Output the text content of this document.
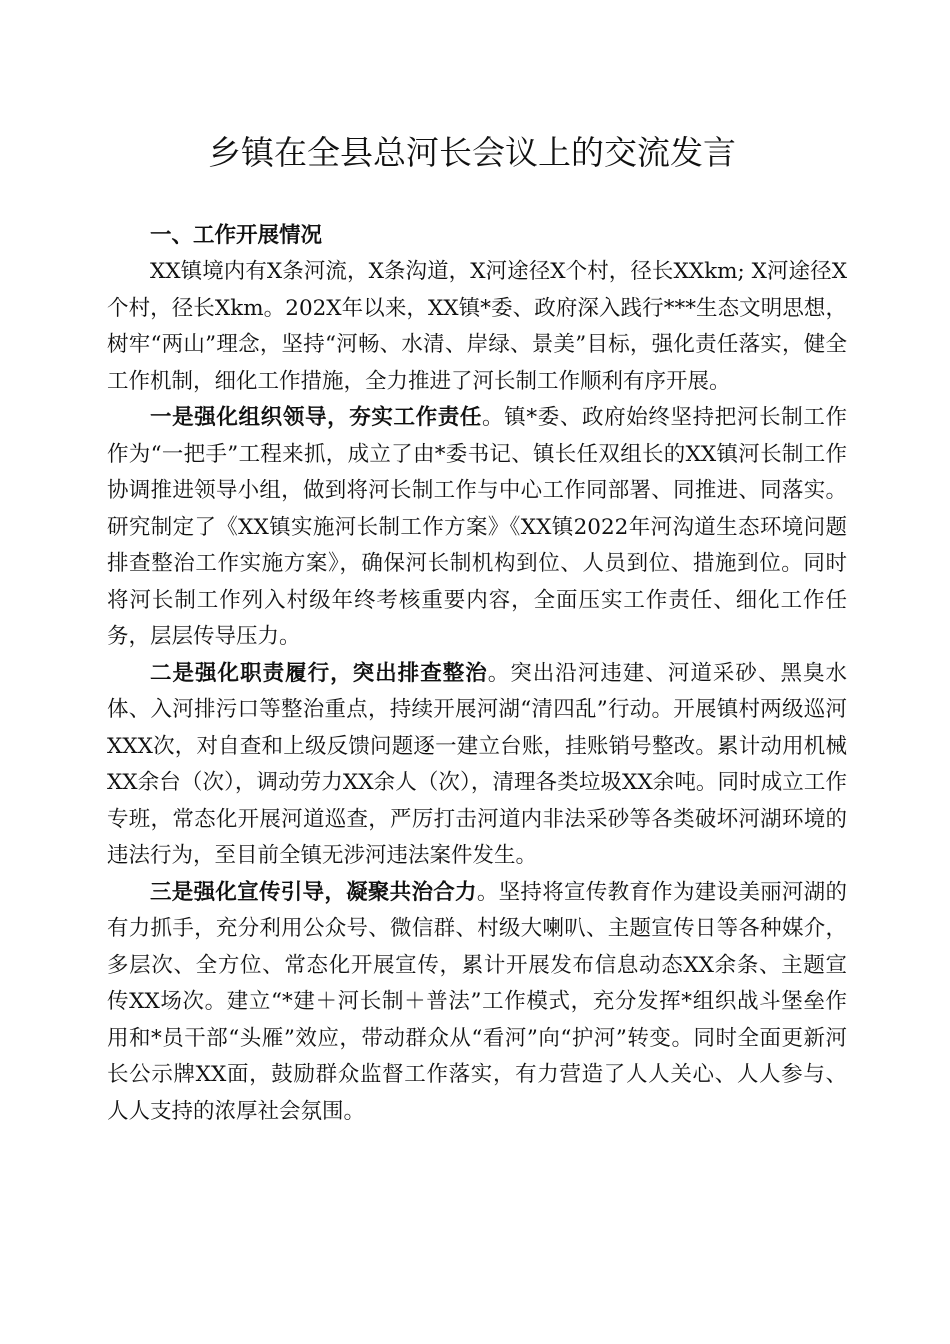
乡镇在全县总河长会议上的交流发言

一、工作开展情况

XX镇境内有X条河流，X条沟道，X河途径X个村，径长XXkm; X河途径X个村，径长Xkm。202X年以来，XX镇*委、政府深入践行***生态文明思想，树牢“两山”理念，坚持“河畅、水清、岸绿、景美”目标，强化责任落实，健全工作机制，细化工作措施，全力推进了河长制工作顺利有序开展。

一是强化组织领导，夯实工作责任。镇*委、政府始终坚持把河长制工作作为“一把手”工程来抓，成立了由*委书记、镇长任双组长的XX镇河长制工作协调推进领导小组，做到将河长制工作与中心工作同部署、同推进、同落实。研究制定了《XX镇实施河长制工作方案》《XX镇2022年河沟道生态环境问题排查整治工作实施方案》，确保河长制机构到位、人员到位、措施到位。同时将河长制工作列入村级年终考核重要内容，全面压实工作责任、细化工作任务，层层传导压力。

二是强化职责履行，突出排查整治。突出沿河违建、河道采砂、黑臭水体、入河排污口等整治重点，持续开展河湖“清四乱”行动。开展镇村两级巡河XXX次，对自查和上级反馈问题逐一建立台账，挂账销号整改。累计动用机械XX余台（次），调动劳力XX余人（次），清理各类垃圾XX余吨。同时成立工作专班，常态化开展河道巡查，严厉打击河道内非法采砂等各类破坏河湖环境的违法行为，至目前全镇无涉河违法案件发生。

三是强化宣传引导，凝聚共治合力。坚持将宣传教育作为建设美丽河湖的有力抓手，充分利用公众号、微信群、村级大喇叭、主题宣传日等各种媒介，多层次、全方位、常态化开展宣传，累计开展发布信息动态XX余条、主题宣传XX场次。建立“*建＋河长制＋普法”工作模式，充分发挥*组织战斗堡垒作用和*员干部“头雁”效应，带动群众从“看河”向“护河”转变。同时全面更新河长公示牌XX面，鼓励群众监督工作落实，有力营造了人人关心、人人参与、人人支持的浓厚社会氛围。
